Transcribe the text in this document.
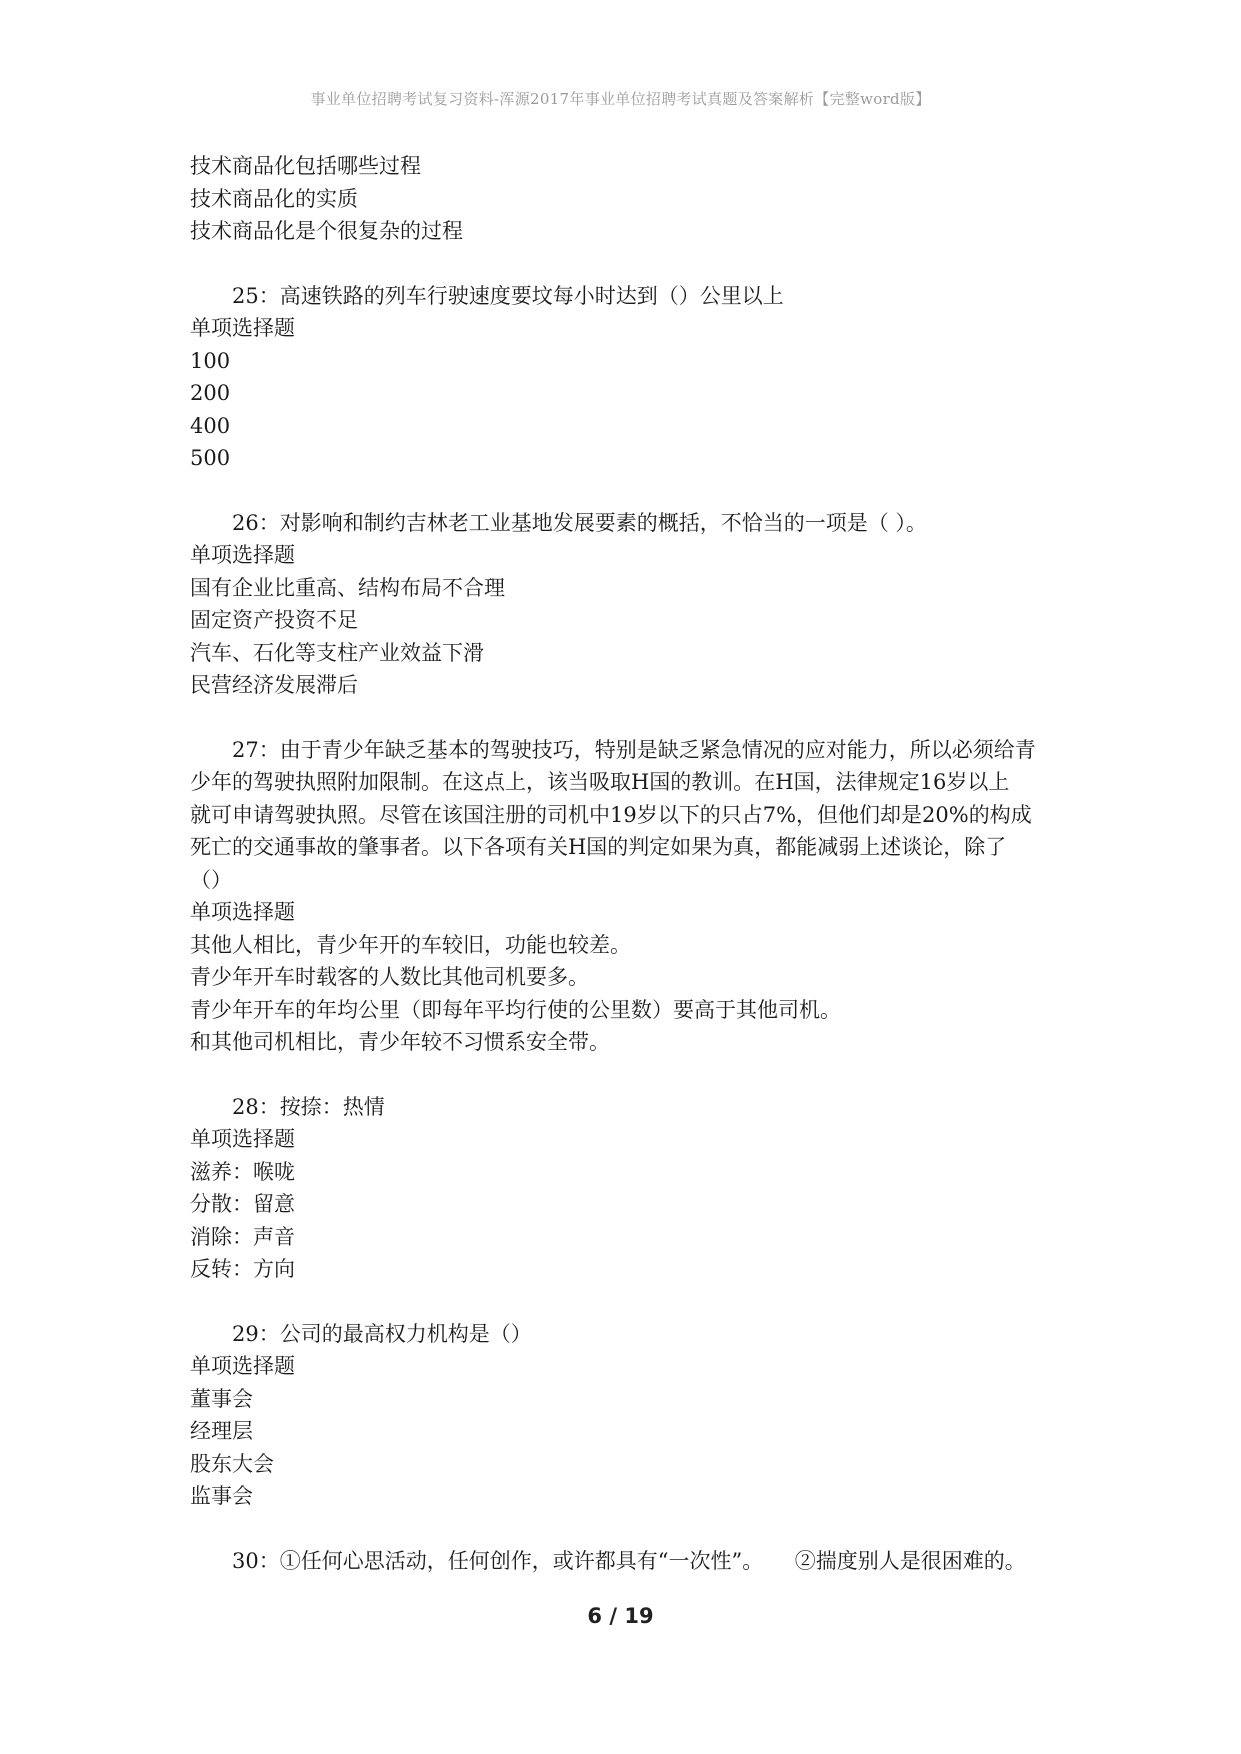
事业单位招聘考试复习资料-浑源2017年事业单位招聘考试真题及答案解析【完整word版】
技术商品化包括哪些过程
技术商品化的实质
技术商品化是个很复杂的过程
25：高速铁路的列车行驶速度要坟每小时达到（）公里以上
单项选择题
100
200
400
500
26：对影响和制约吉林老工业基地发展要素的概括，不恰当的一项是（ ）。
单项选择题
国有企业比重高、结构布局不合理
固定资产投资不足
汽车、石化等支柱产业效益下滑
民营经济发展滞后
27：由于青少年缺乏基本的驾驶技巧，特别是缺乏紧急情况的应对能力，所以必须给青
少年的驾驶执照附加限制。在这点上，该当吸取H国的教训。在H国，法律规定16岁以上
就可申请驾驶执照。尽管在该国注册的司机中19岁以下的只占7%，但他们却是20%的构成
死亡的交通事故的肇事者。以下各项有关H国的判定如果为真，都能减弱上述谈论，除了
（）
单项选择题
其他人相比，青少年开的车较旧，功能也较差。
青少年开车时载客的人数比其他司机要多。
青少年开车的年均公里（即每年平均行使的公里数）要高于其他司机。
和其他司机相比，青少年较不习惯系安全带。
28：按捺：热情
单项选择题
滋养：喉咙
分散：留意
消除：声音
反转：方向
29：公司的最高权力机构是（）
单项选择题
董事会
经理层
股东大会
监事会
30：①任何心思活动，任何创作，或许都具有“一次性”。　　②揣度别人是很困难的。
6 / 19
